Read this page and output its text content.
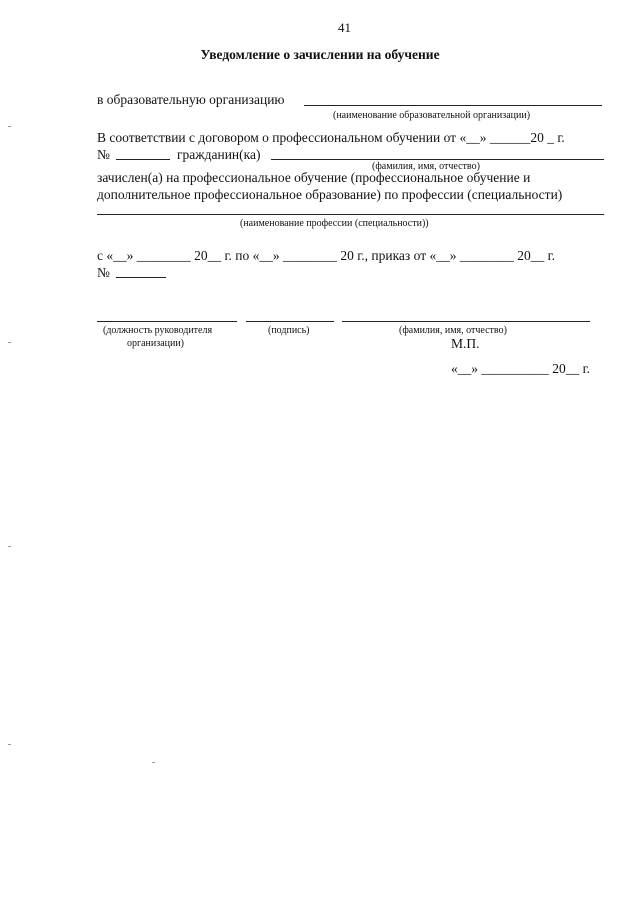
41
Уведомление о зачислении на обучение
в образовательную организацию
(наименование образовательной организации)
В соответствии с договором о профессиональном обучении от «__» ______20 _ г.
№	гражданин(ка)
(фамилия, имя, отчество)
зачислен(а) на профессиональное обучение (профессиональное обучение и
дополнительное профессиональное образование) по профессии (специальности)
(наименование профессии (специальности))
с «__» ________ 20__ г. по «__» ________ 20 г., приказ от «__» ________ 20__ г.
№
(должность руководителя
организации)
(подпись)	(фамилия, имя, отчество)
М.П.
«__» __________ 20__ г.
